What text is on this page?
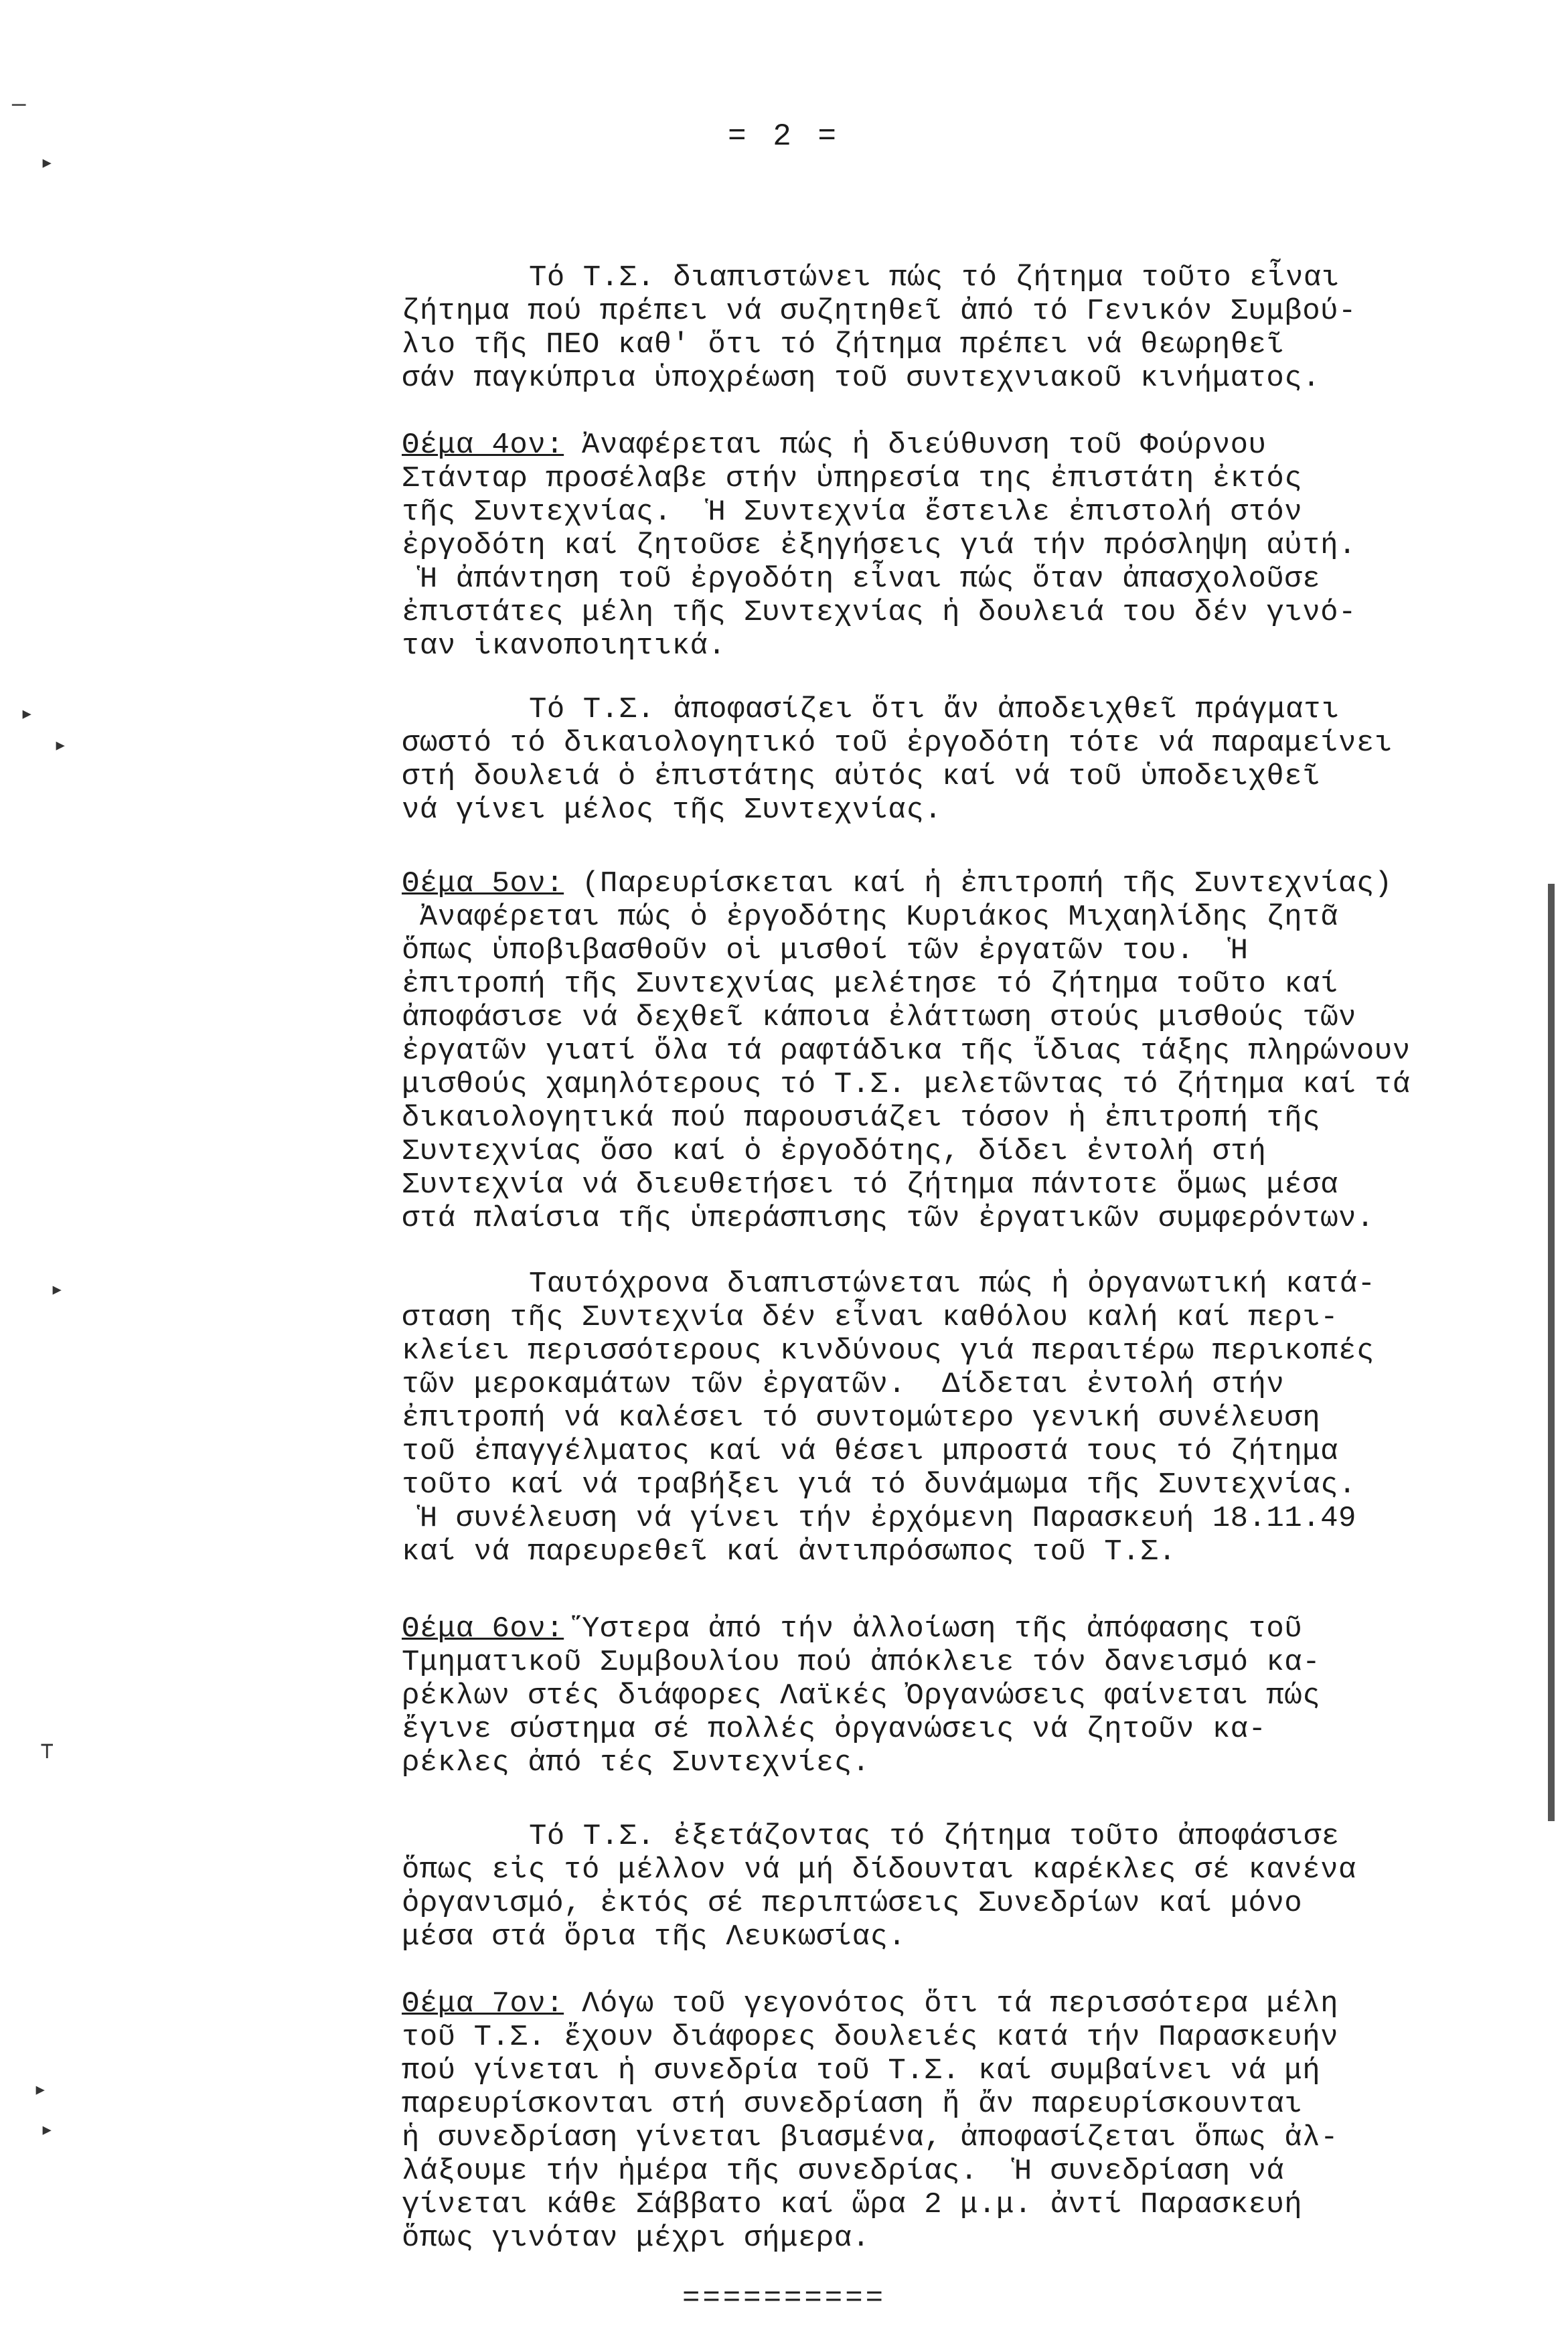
─
▸
▸
▸
▸
⊤
▸
▸
= 2 =
Τό Τ.Σ. διαπιστώνει πώς τό ζήτημα τοῦτο εἶναι
ζήτημα πού πρέπει νά συζητηθεῖ ἀπό τό Γενικόν Συμβού-
λιο τῆς ΠΕΟ καθ' ὅτι τό ζήτημα πρέπει νά θεωρηθεῖ
σάν παγκύπρια ὑποχρέωση τοῦ συντεχνιακοῦ κινήματος.
Θέμα 4ον: Ἀναφέρεται πώς ἡ διεύθυνση τοῦ Φούρνου
Στάνταρ προσέλαβε στήν ὑπηρεσία της ἐπιστάτη ἐκτός
τῆς Συντεχνίας.  Ἡ Συντεχνία ἔστειλε ἐπιστολή στόν
ἐργοδότη καί ζητοῦσε ἐξηγήσεις γιά τήν πρόσληψη αὐτή.
Ἡ ἀπάντηση τοῦ ἐργοδότη εἶναι πώς ὅταν ἀπασχολοῦσε
ἐπιστάτες μέλη τῆς Συντεχνίας ἡ δουλειά του δέν γινό-
ταν ἱκανοποιητικά.
Τό Τ.Σ. ἀποφασίζει ὅτι ἄν ἀποδειχθεῖ πράγματι
σωστό τό δικαιολογητικό τοῦ ἐργοδότη τότε νά παραμείνει
στή δουλειά ὁ ἐπιστάτης αὐτός καί νά τοῦ ὑποδειχθεῖ
νά γίνει μέλος τῆς Συντεχνίας.
Θέμα 5ον: (Παρευρίσκεται καί ἡ ἐπιτροπή τῆς Συντεχνίας)
Ἀναφέρεται πώς ὁ ἐργοδότης Κυριάκος Μιχαηλίδης ζητᾶ
ὅπως ὑποβιβασθοῦν οἱ μισθοί τῶν ἐργατῶν του.  Ἡ
ἐπιτροπή τῆς Συντεχνίας μελέτησε τό ζήτημα τοῦτο καί
ἀποφάσισε νά δεχθεῖ κάποια ἐλάττωση στούς μισθούς τῶν
ἐργατῶν γιατί ὅλα τά ραφτάδικα τῆς ἴδιας τάξης πληρώνουν
μισθούς χαμηλότερους τό Τ.Σ. μελετῶντας τό ζήτημα καί τά
δικαιολογητικά πού παρουσιάζει τόσον ἡ ἐπιτροπή τῆς
Συντεχνίας ὅσο καί ὁ ἐργοδότης, δίδει ἐντολή στή
Συντεχνία νά διευθετήσει τό ζήτημα πάντοτε ὅμως μέσα
στά πλαίσια τῆς ὑπεράσπισης τῶν ἐργατικῶν συμφερόντων.
Ταυτόχρονα διαπιστώνεται πώς ἡ ὀργανωτική κατά-
σταση τῆς Συντεχνία δέν εἶναι καθόλου καλή καί περι-
κλείει περισσότερους κινδύνους γιά περαιτέρω περικοπές
τῶν μεροκαμάτων τῶν ἐργατῶν.  Δίδεται ἐντολή στήν
ἐπιτροπή νά καλέσει τό συντομώτερο γενική συνέλευση
τοῦ ἐπαγγέλματος καί νά θέσει μπροστά τους τό ζήτημα
τοῦτο καί νά τραβήξει γιά τό δυνάμωμα τῆς Συντεχνίας.
Ἡ συνέλευση νά γίνει τήν ἐρχόμενη Παρασκευή 18.11.49
καί νά παρευρεθεῖ καί ἀντιπρόσωπος τοῦ Τ.Σ.
Θέμα 6ον: Ὕστερα ἀπό τήν ἀλλοίωση τῆς ἀπόφασης τοῦ
Τμηματικοῦ Συμβουλίου πού ἀπόκλειε τόν δανεισμό κα-
ρέκλων στές διάφορες Λαϊκές Ὀργανώσεις φαίνεται πώς
ἔγινε σύστημα σέ πολλές ὀργανώσεις νά ζητοῦν κα-
ρέκλες ἀπό τές Συντεχνίες.
Τό Τ.Σ. ἐξετάζοντας τό ζήτημα τοῦτο ἀποφάσισε
ὅπως εἰς τό μέλλον νά μή δίδουνται καρέκλες σέ κανένα
ὀργανισμό, ἐκτός σέ περιπτώσεις Συνεδρίων καί μόνο
μέσα στά ὅρια τῆς Λευκωσίας.
Θέμα 7ον: Λόγω τοῦ γεγονότος ὅτι τά περισσότερα μέλη
τοῦ Τ.Σ. ἔχουν διάφορες δουλειές κατά τήν Παρασκευήν
πού γίνεται ἡ συνεδρία τοῦ Τ.Σ. καί συμβαίνει νά μή
παρευρίσκονται στή συνεδρίαση ἤ ἄν παρευρίσκουνται
ἡ συνεδρίαση γίνεται βιασμένα, ἀποφασίζεται ὅπως ἀλ-
λάξουμε τήν ἡμέρα τῆς συνεδρίας.  Ἡ συνεδρίαση νά
γίνεται κάθε Σάββατο καί ὥρα 2 μ.μ. ἀντί Παρασκευή
ὅπως γινόταν μέχρι σήμερα.
==========
